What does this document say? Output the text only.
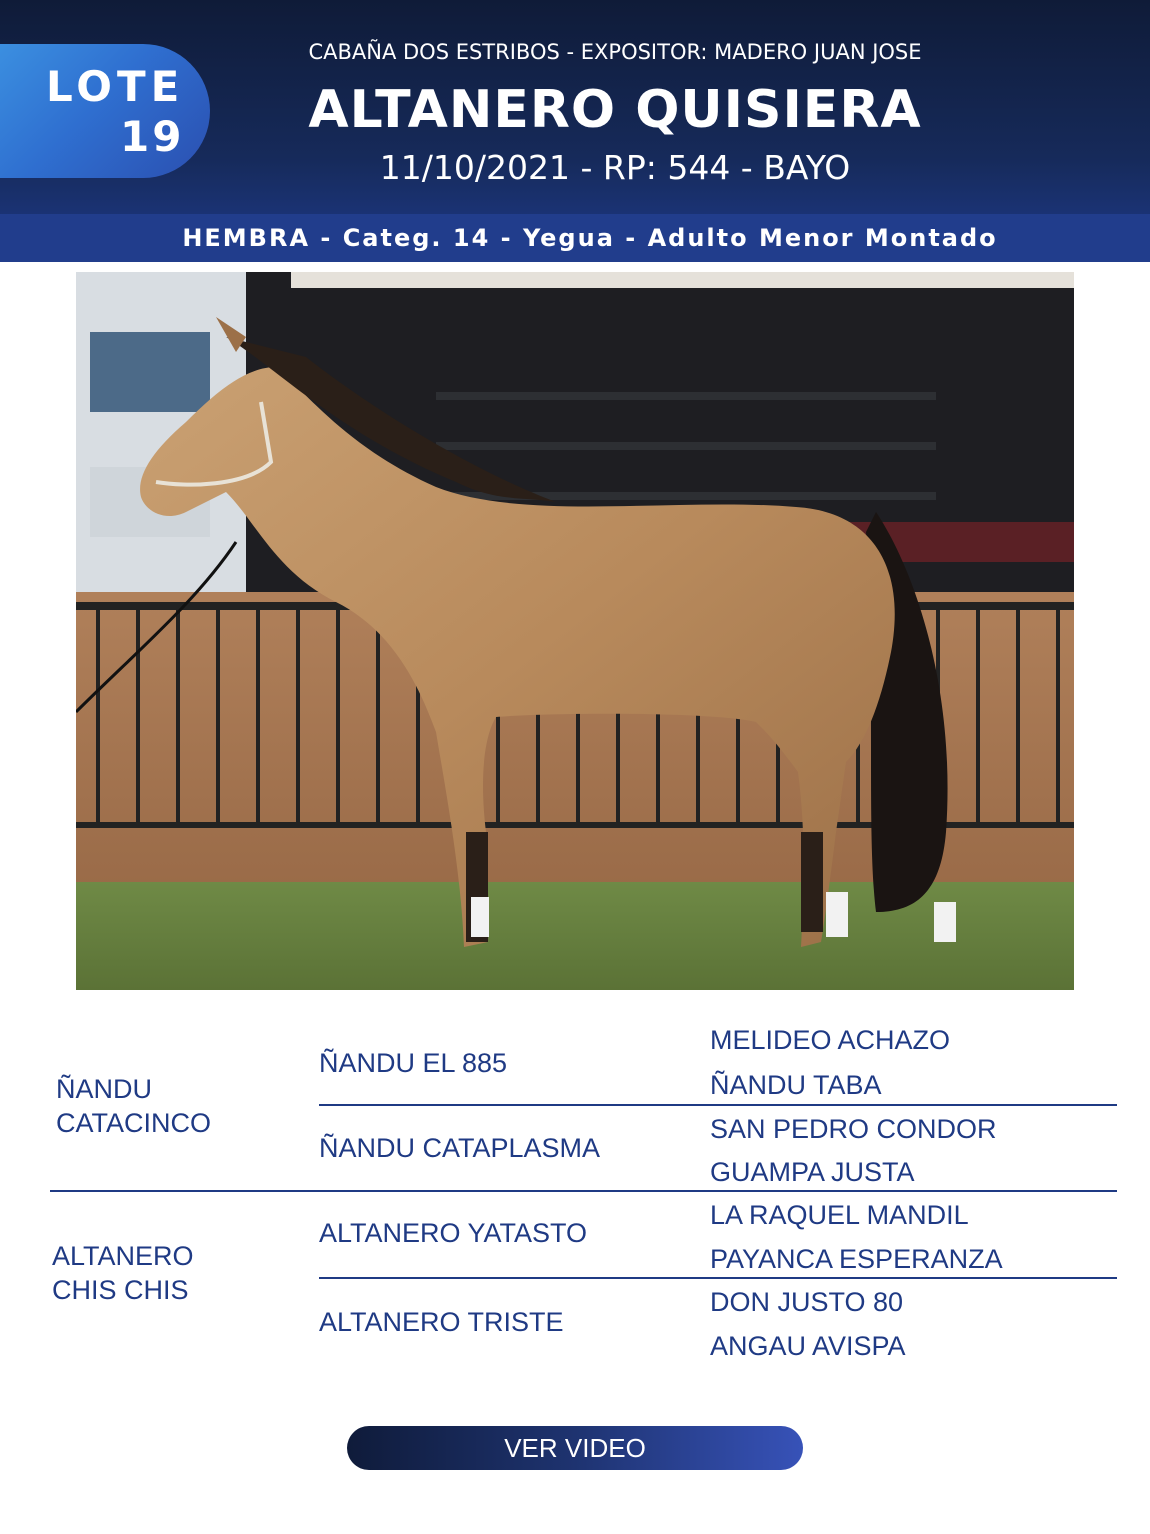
LOTE
19
CABAÑA DOS ESTRIBOS - EXPOSITOR: MADERO JUAN JOSE
ALTANERO QUISIERA
11/10/2021 - RP: 544 - BAYO
HEMBRA - Categ. 14 - Yegua - Adulto Menor Montado
ÑANDU
CATACINCO
ALTANERO
CHIS CHIS
ÑANDU EL 885
ÑANDU CATAPLASMA
ALTANERO YATASTO
ALTANERO TRISTE
MELIDEO ACHAZO
ÑANDU TABA
SAN PEDRO CONDOR
GUAMPA JUSTA
LA RAQUEL MANDIL
PAYANCA ESPERANZA
DON JUSTO 80
ANGAU AVISPA
VER VIDEO
